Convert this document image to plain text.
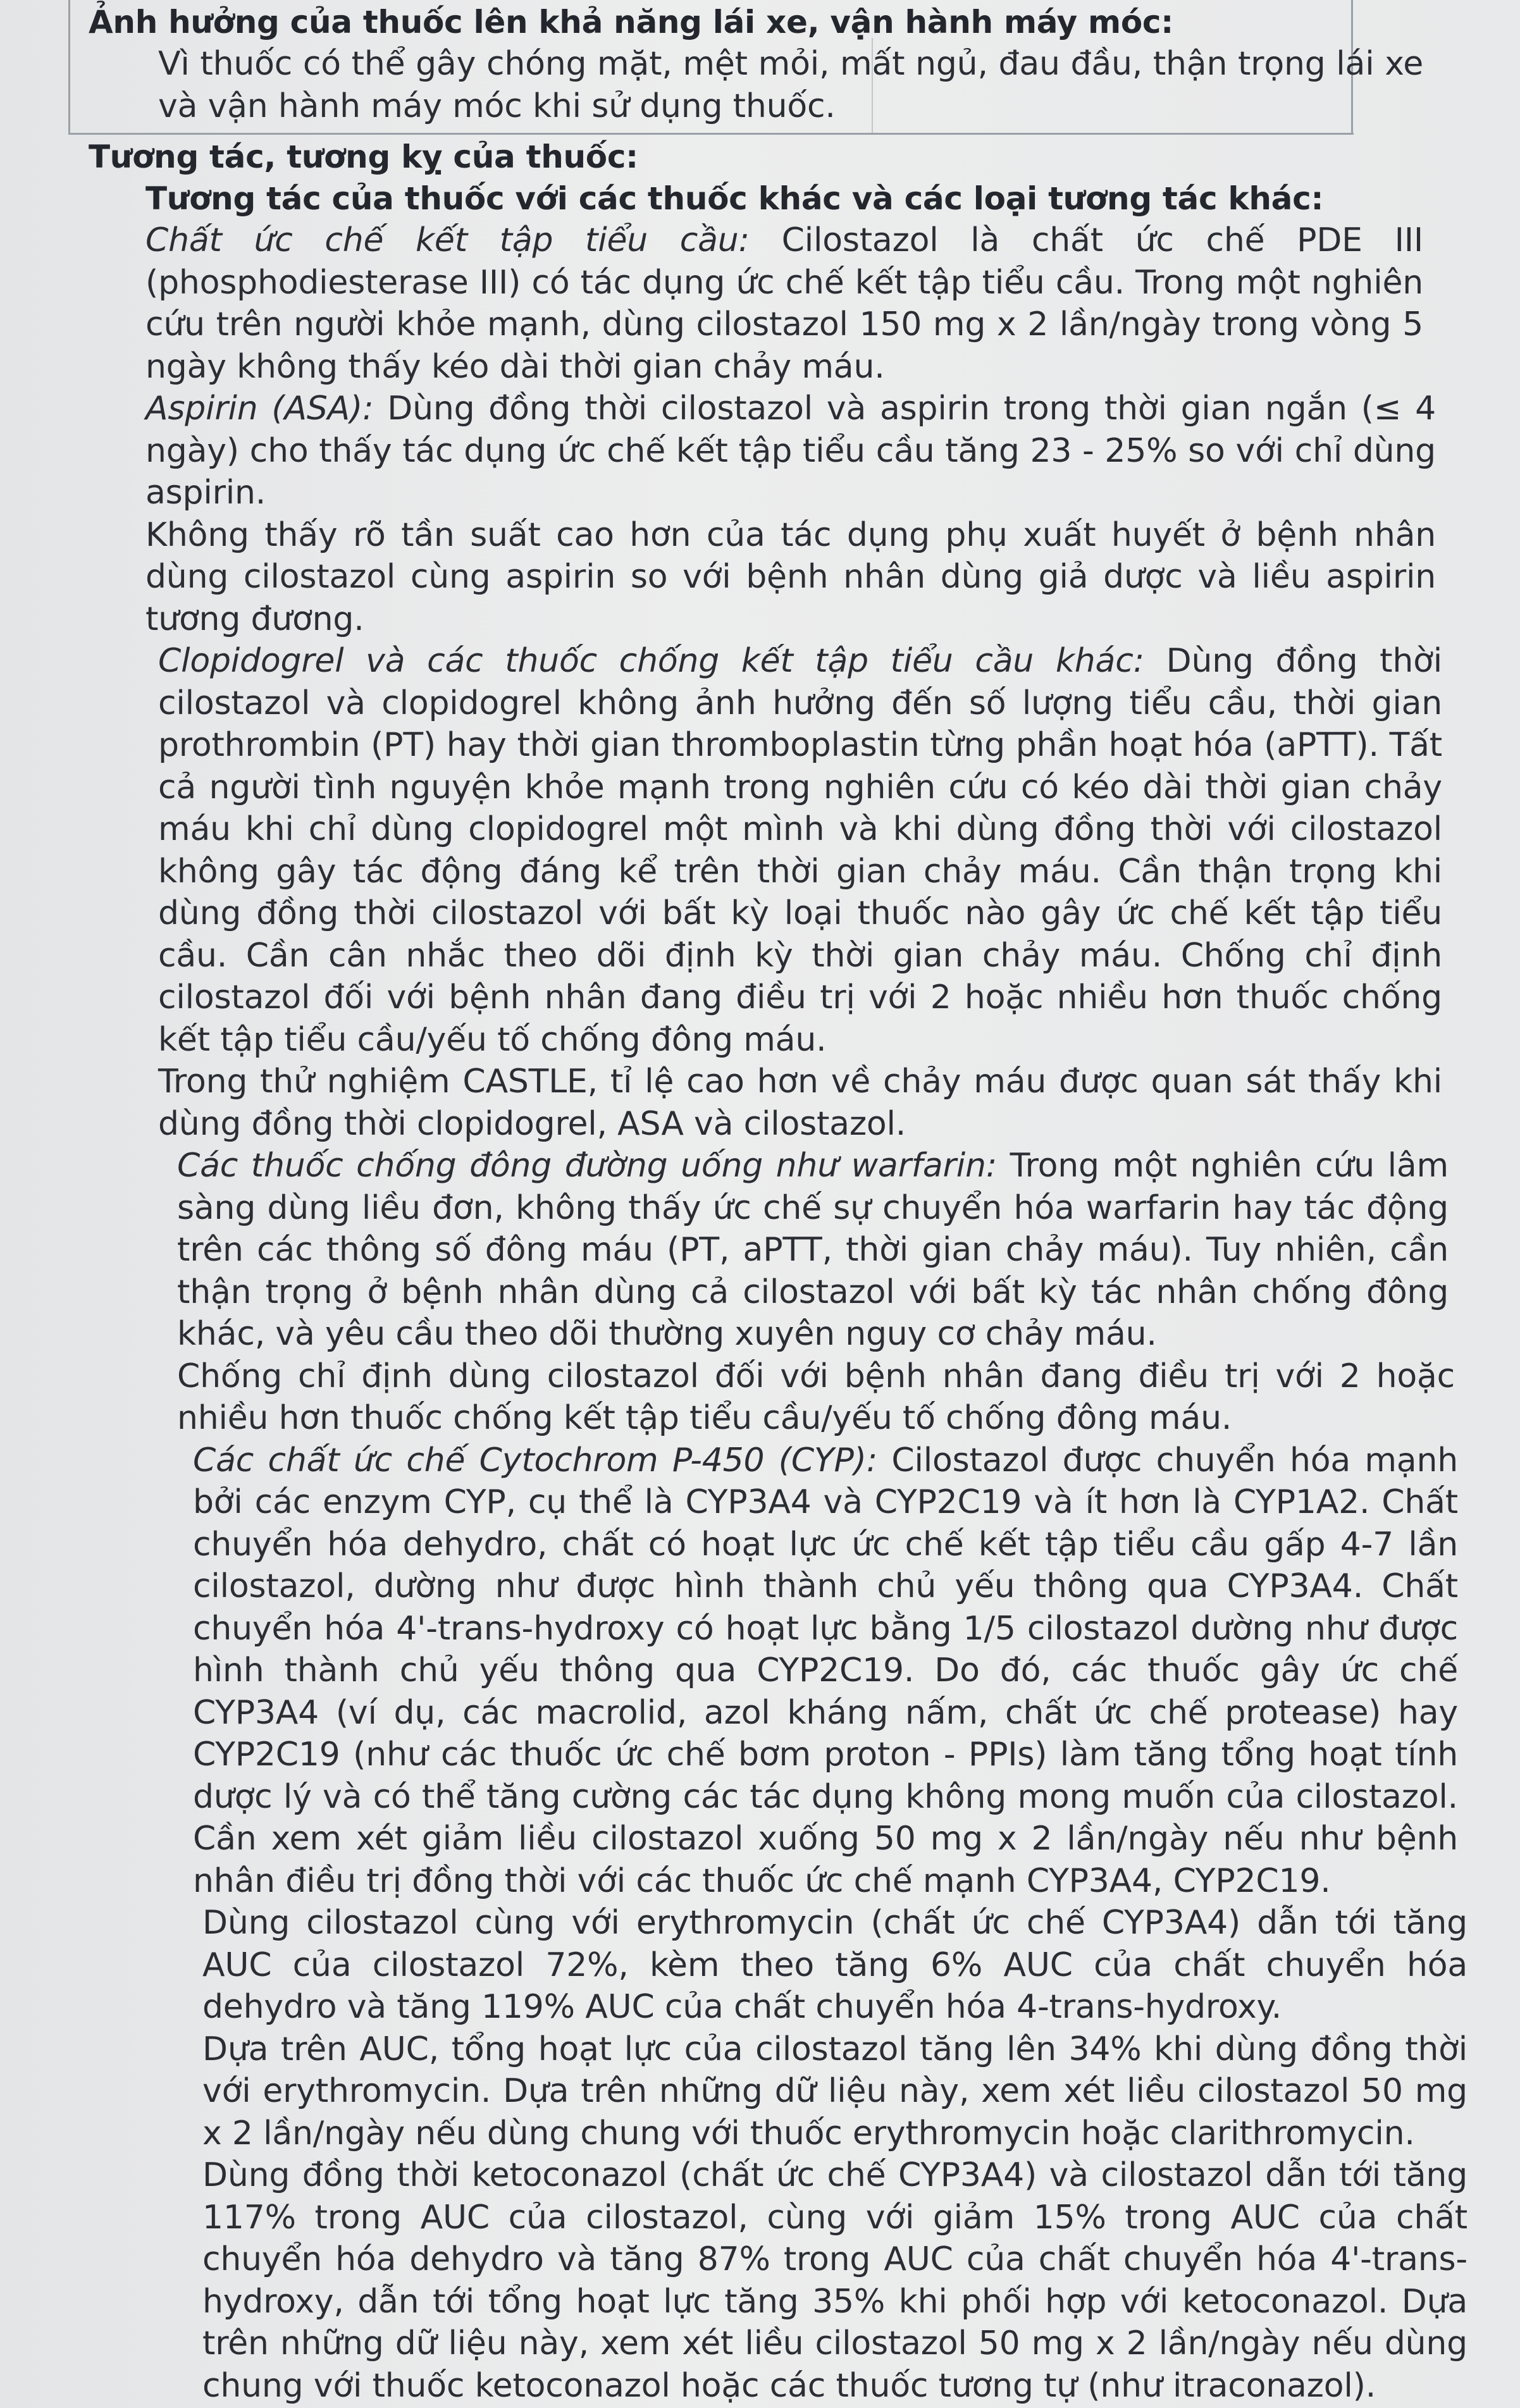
Ảnh hưởng của thuốc lên khả năng lái xe, vận hành máy móc:

Vì thuốc có thể gây chóng mặt, mệt mỏi, mất ngủ, đau đầu, thận trọng lái xe và vận hành máy móc khi sử dụng thuốc.

Tương tác, tương kỵ của thuốc:

Tương tác của thuốc với các thuốc khác và các loại tương tác khác:

Chất ức chế kết tập tiểu cầu: Cilostazol là chất ức chế PDE III (phosphodiesterase III) có tác dụng ức chế kết tập tiểu cầu. Trong một nghiên cứu trên người khỏe mạnh, dùng cilostazol 150 mg x 2 lần/ngày trong vòng 5 ngày không thấy kéo dài thời gian chảy máu.

Aspirin (ASA): Dùng đồng thời cilostazol và aspirin trong thời gian ngắn (≤ 4 ngày) cho thấy tác dụng ức chế kết tập tiểu cầu tăng 23 - 25% so với chỉ dùng aspirin.

Không thấy rõ tần suất cao hơn của tác dụng phụ xuất huyết ở bệnh nhân dùng cilostazol cùng aspirin so với bệnh nhân dùng giả dược và liều aspirin tương đương.

Clopidogrel và các thuốc chống kết tập tiểu cầu khác: Dùng đồng thời cilostazol và clopidogrel không ảnh hưởng đến số lượng tiểu cầu, thời gian prothrombin (PT) hay thời gian thromboplastin từng phần hoạt hóa (aPTT). Tất cả người tình nguyện khỏe mạnh trong nghiên cứu có kéo dài thời gian chảy máu khi chỉ dùng clopidogrel một mình và khi dùng đồng thời với cilostazol không gây tác động đáng kể trên thời gian chảy máu. Cần thận trọng khi dùng đồng thời cilostazol với bất kỳ loại thuốc nào gây ức chế kết tập tiểu cầu. Cần cân nhắc theo dõi định kỳ thời gian chảy máu. Chống chỉ định cilostazol đối với bệnh nhân đang điều trị với 2 hoặc nhiều hơn thuốc chống kết tập tiểu cầu/yếu tố chống đông máu.

Trong thử nghiệm CASTLE, tỉ lệ cao hơn về chảy máu được quan sát thấy khi dùng đồng thời clopidogrel, ASA và cilostazol.

Các thuốc chống đông đường uống như warfarin: Trong một nghiên cứu lâm sàng dùng liều đơn, không thấy ức chế sự chuyển hóa warfarin hay tác động trên các thông số đông máu (PT, aPTT, thời gian chảy máu). Tuy nhiên, cần thận trọng ở bệnh nhân dùng cả cilostazol với bất kỳ tác nhân chống đông khác, và yêu cầu theo dõi thường xuyên nguy cơ chảy máu.

Chống chỉ định dùng cilostazol đối với bệnh nhân đang điều trị với 2 hoặc nhiều hơn thuốc chống kết tập tiểu cầu/yếu tố chống đông máu.

Các chất ức chế Cytochrom P-450 (CYP): Cilostazol được chuyển hóa mạnh bởi các enzym CYP, cụ thể là CYP3A4 và CYP2C19 và ít hơn là CYP1A2. Chất chuyển hóa dehydro, chất có hoạt lực ức chế kết tập tiểu cầu gấp 4-7 lần cilostazol, dường như được hình thành chủ yếu thông qua CYP3A4. Chất chuyển hóa 4'-trans-hydroxy có hoạt lực bằng 1/5 cilostazol dường như được hình thành chủ yếu thông qua CYP2C19. Do đó, các thuốc gây ức chế CYP3A4 (ví dụ, các macrolid, azol kháng nấm, chất ức chế protease) hay CYP2C19 (như các thuốc ức chế bơm proton - PPIs) làm tăng tổng hoạt tính dược lý và có thể tăng cường các tác dụng không mong muốn của cilostazol. Cần xem xét giảm liều cilostazol xuống 50 mg x 2 lần/ngày nếu như bệnh nhân điều trị đồng thời với các thuốc ức chế mạnh CYP3A4, CYP2C19.

Dùng cilostazol cùng với erythromycin (chất ức chế CYP3A4) dẫn tới tăng AUC của cilostazol 72%, kèm theo tăng 6% AUC của chất chuyển hóa dehydro và tăng 119% AUC của chất chuyển hóa 4-trans-hydroxy.

Dựa trên AUC, tổng hoạt lực của cilostazol tăng lên 34% khi dùng đồng thời với erythromycin. Dựa trên những dữ liệu này, xem xét liều cilostazol 50 mg x 2 lần/ngày nếu dùng chung với thuốc erythromycin hoặc clarithromycin.

Dùng đồng thời ketoconazol (chất ức chế CYP3A4) và cilostazol dẫn tới tăng 117% trong AUC của cilostazol, cùng với giảm 15% trong AUC của chất chuyển hóa dehydro và tăng 87% trong AUC của chất chuyển hóa 4'-trans-hydroxy, dẫn tới tổng hoạt lực tăng 35% khi phối hợp với ketoconazol. Dựa trên những dữ liệu này, xem xét liều cilostazol 50 mg x 2 lần/ngày nếu dùng chung với thuốc ketoconazol hoặc các thuốc tương tự (như itraconazol).
